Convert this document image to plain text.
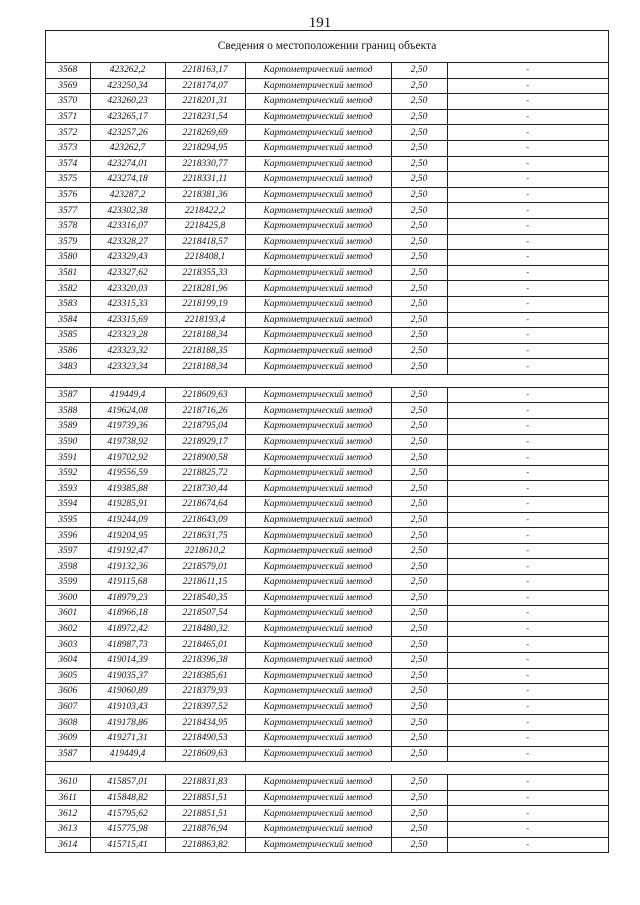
191
Сведения о местоположении границ объекта
3568	423262,2	2218163,17	Картометрический метод	2,50	-
3569	423250,34	2218174,07	Картометрический метод	2,50	-
3570	423260,23	2218201,31	Картометрический метод	2,50	-
3571	423265,17	2218231,54	Картометрический метод	2,50	-
3572	423257,26	2218269,69	Картометрический метод	2,50	-
3573	423262,7	2218294,95	Картометрический метод	2,50	-
3574	423274,01	2218330,77	Картометрический метод	2,50	-
3575	423274,18	2218331,11	Картометрический метод	2,50	-
3576	423287,2	2218381,36	Картометрический метод	2,50	-
3577	423302,38	2218422,2	Картометрический метод	2,50	-
3578	423316,07	2218425,8	Картометрический метод	2,50	-
3579	423328,27	2218418,57	Картометрический метод	2,50	-
3580	423329,43	2218408,1	Картометрический метод	2,50	-
3581	423327,62	2218355,33	Картометрический метод	2,50	-
3582	423320,03	2218281,96	Картометрический метод	2,50	-
3583	423315,33	2218199,19	Картометрический метод	2,50	-
3584	423315,69	2218193,4	Картометрический метод	2,50	-
3585	423323,28	2218188,34	Картометрический метод	2,50	-
3586	423323,32	2218188,35	Картометрический метод	2,50	-
3483	423323,34	2218188,34	Картометрический метод	2,50	-

3587	419449,4	2218609,63	Картометрический метод	2,50	-
3588	419624,08	2218716,26	Картометрический метод	2,50	-
3589	419739,36	2218795,04	Картометрический метод	2,50	-
3590	419738,92	2218929,17	Картометрический метод	2,50	-
3591	419702,92	2218900,58	Картометрический метод	2,50	-
3592	419556,59	2218825,72	Картометрический метод	2,50	-
3593	419385,88	2218730,44	Картометрический метод	2,50	-
3594	419285,91	2218674,64	Картометрический метод	2,50	-
3595	419244,09	2218643,09	Картометрический метод	2,50	-
3596	419204,95	2218631,75	Картометрический метод	2,50	-
3597	419192,47	2218610,2	Картометрический метод	2,50	-
3598	419132,36	2218579,01	Картометрический метод	2,50	-
3599	419115,68	2218611,15	Картометрический метод	2,50	-
3600	418979,23	2218540,35	Картометрический метод	2,50	-
3601	418966,18	2218507,54	Картометрический метод	2,50	-
3602	418972,42	2218480,32	Картометрический метод	2,50	-
3603	418987,73	2218465,01	Картометрический метод	2,50	-
3604	419014,39	2218396,38	Картометрический метод	2,50	-
3605	419035,37	2218385,61	Картометрический метод	2,50	-
3606	419060,89	2218379,93	Картометрический метод	2,50	-
3607	419103,43	2218397,52	Картометрический метод	2,50	-
3608	419178,86	2218434,95	Картометрический метод	2,50	-
3609	419271,31	2218490,53	Картометрический метод	2,50	-
3587	419449,4	2218609,63	Картометрический метод	2,50	-

3610	415857,01	2218831,83	Картометрический метод	2,50	-
3611	415848,82	2218851,51	Картометрический метод	2,50	-
3612	415795,62	2218851,51	Картометрический метод	2,50	-
3613	415775,98	2218876,94	Картометрический метод	2,50	-
3614	415715,41	2218863,82	Картометрический метод	2,50	-
